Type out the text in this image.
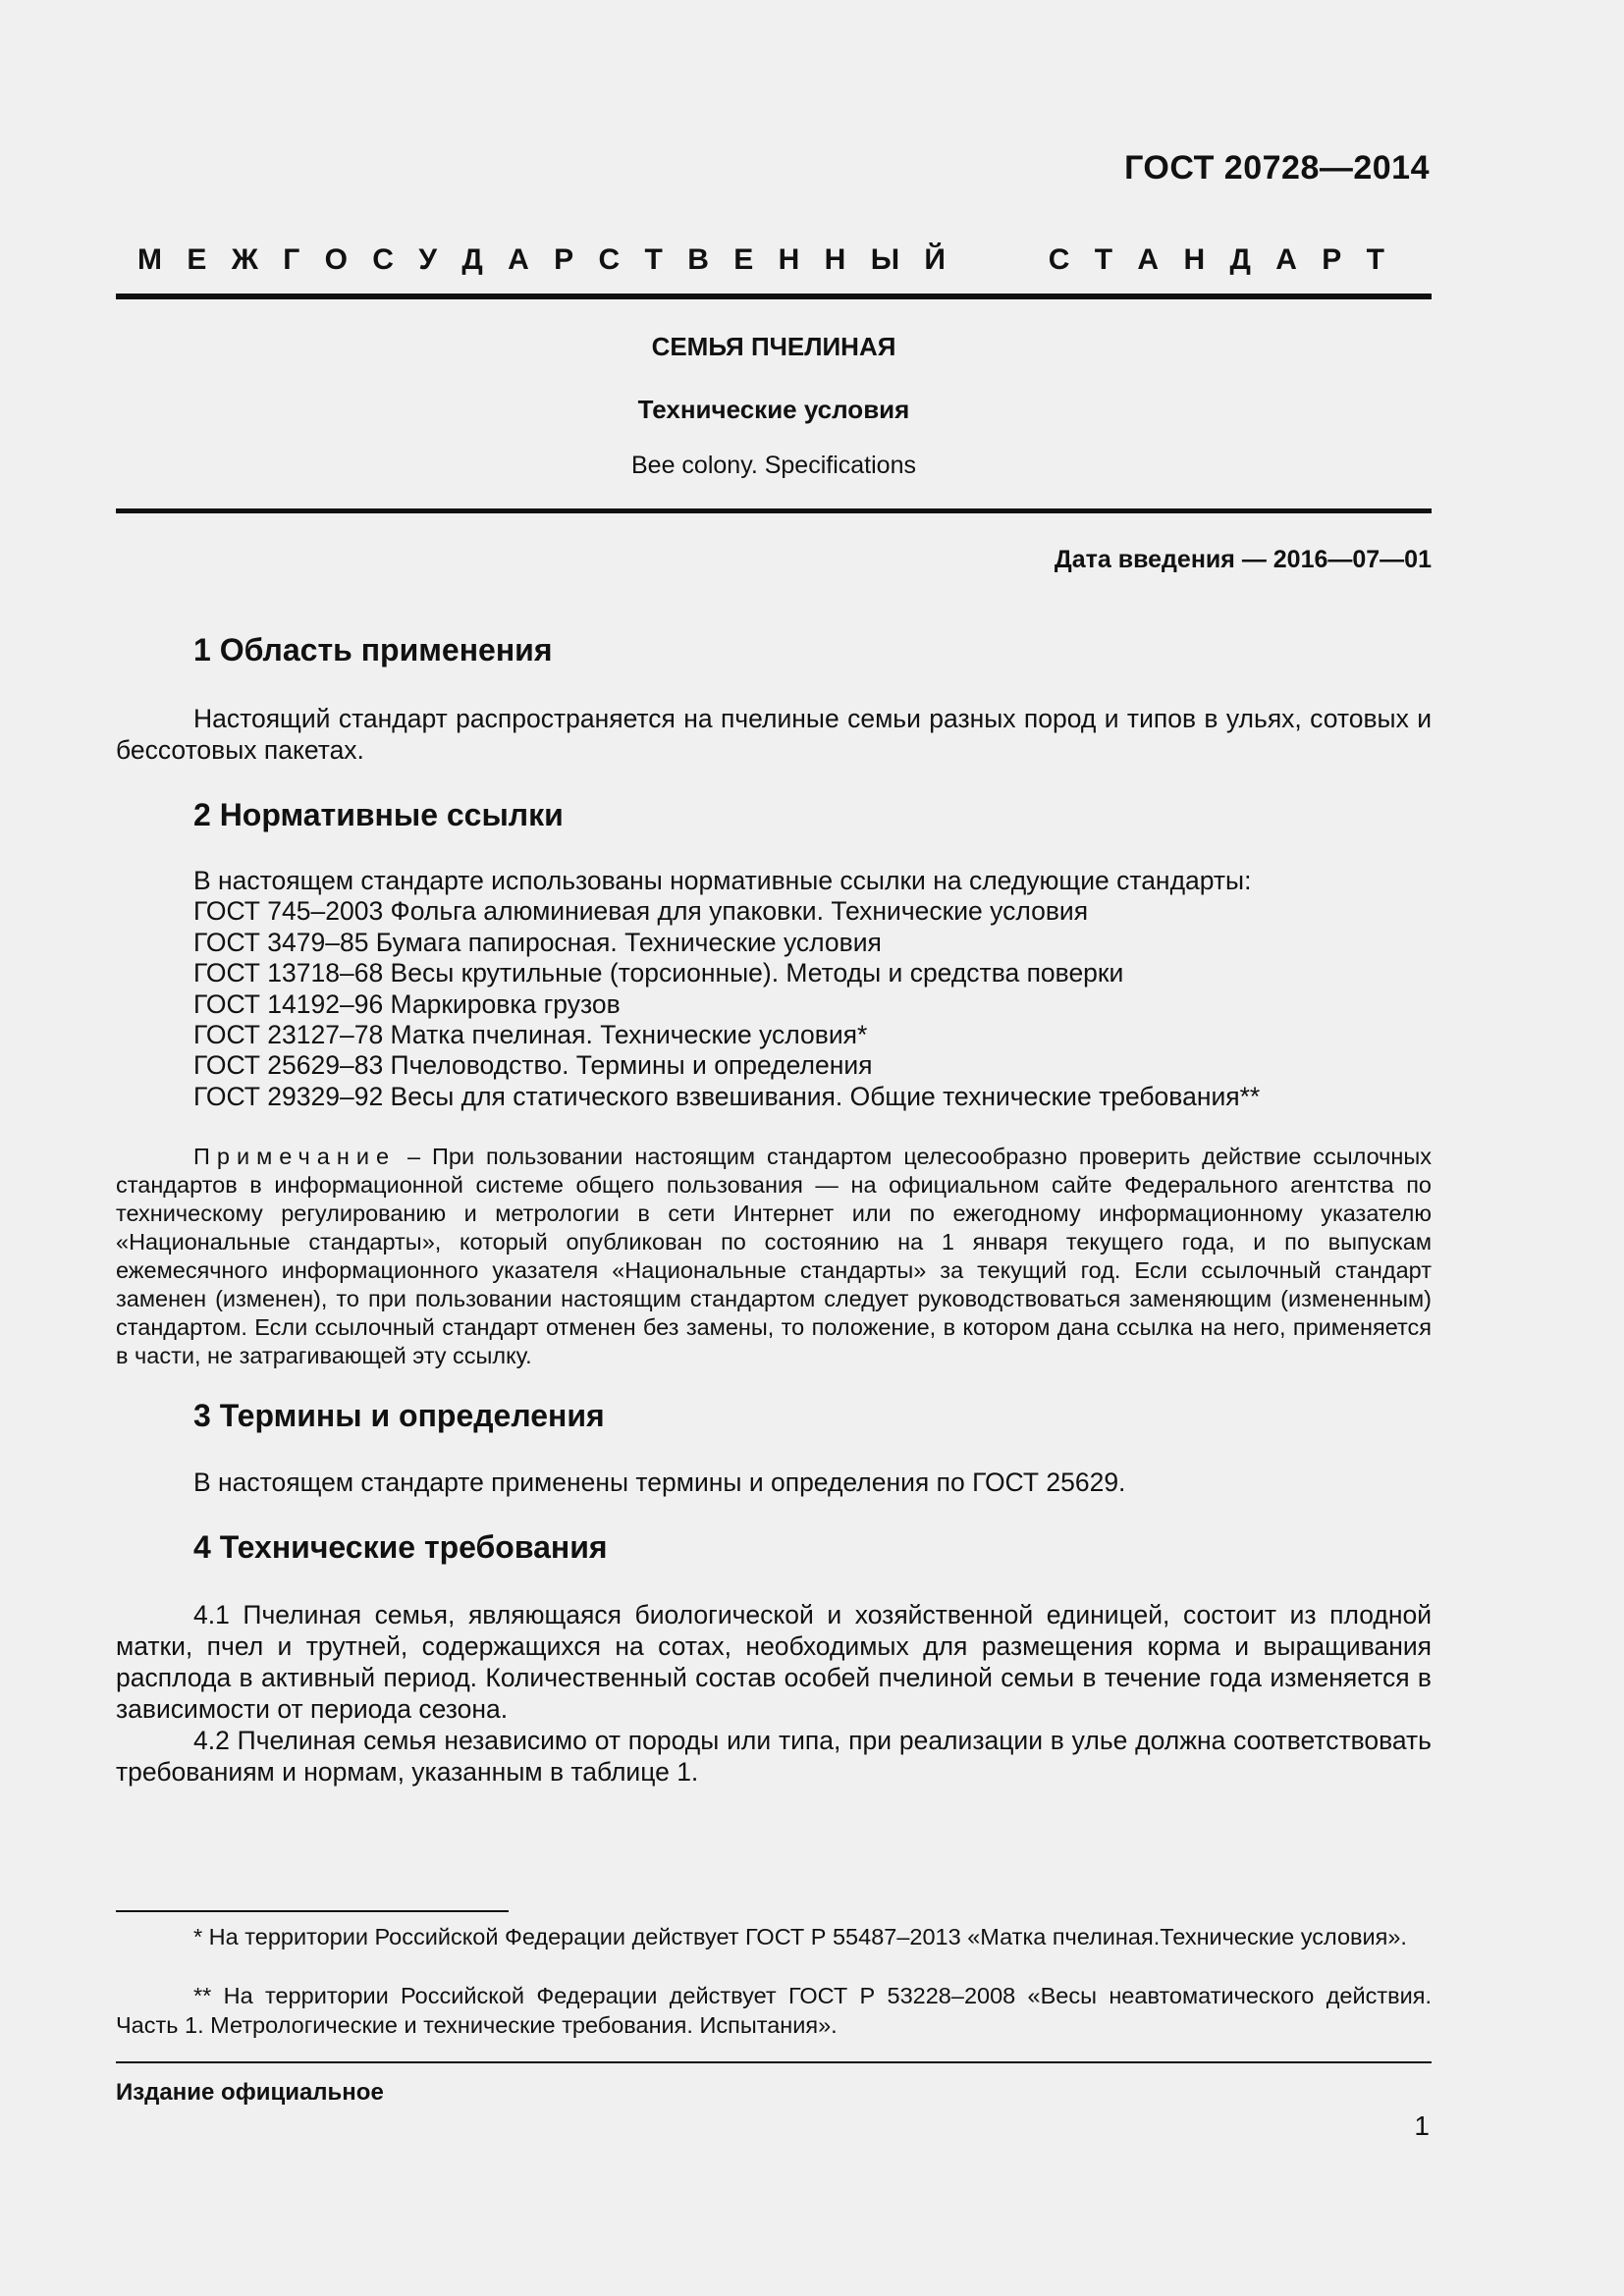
ГОСТ 20728—2014
М Е Ж Г О С У Д А Р С Т В Е Н Н Ы Й	С Т А Н Д А Р Т
СЕМЬЯ ПЧЕЛИНАЯ
Технические условия
Bee colony. Specifications
Дата введения — 2016—07—01
1 Область применения
Настоящий стандарт распространяется на пчелиные семьи разных пород и типов в ульях, сотовых и бессотовых пакетах.
2 Нормативные ссылки
В настоящем стандарте использованы нормативные ссылки на следующие стандарты:
ГОСТ 745–2003 Фольга алюминиевая для упаковки. Технические условия
ГОСТ 3479–85 Бумага папиросная. Технические условия
ГОСТ 13718–68 Весы крутильные (торсионные). Методы и средства поверки
ГОСТ 14192–96 Маркировка грузов
ГОСТ 23127–78 Матка пчелиная. Технические условия*
ГОСТ 25629–83 Пчеловодство. Термины и определения
ГОСТ 29329–92 Весы для статического взвешивания. Общие технические требования**
Примечание – При пользовании настоящим стандартом целесообразно проверить действие ссылочных стандартов в информационной системе общего пользования — на официальном сайте Федерального агентства по техническому регулированию и метрологии в сети Интернет или по ежегодному информационному указателю «Национальные стандарты», который опубликован по состоянию на 1 января текущего года, и по выпускам ежемесячного информационного указателя «Национальные стандарты» за текущий год. Если ссылочный стандарт заменен (изменен), то при пользовании настоящим стандартом следует руководствоваться заменяющим (измененным) стандартом. Если ссылочный стандарт отменен без замены, то положение, в котором дана ссылка на него, применяется в части, не затрагивающей эту ссылку.
3 Термины и определения
В настоящем стандарте применены термины и определения по ГОСТ 25629.
4 Технические требования
4.1 Пчелиная семья, являющаяся биологической и хозяйственной единицей, состоит из плодной матки, пчел и трутней, содержащихся на сотах, необходимых для размещения корма и выращивания расплода в активный период. Количественный состав особей пчелиной семьи в течение года изменяется в зависимости от периода сезона.
4.2 Пчелиная семья независимо от породы или типа, при реализации в улье должна соответствовать требованиям и нормам, указанным в таблице 1.
* На территории Российской Федерации действует ГОСТ Р 55487–2013 «Матка пчелиная.Технические условия».
** На территории Российской Федерации действует ГОСТ Р 53228–2008 «Весы неавтоматического действия. Часть 1. Метрологические и технические требования. Испытания».
Издание официальное
1
